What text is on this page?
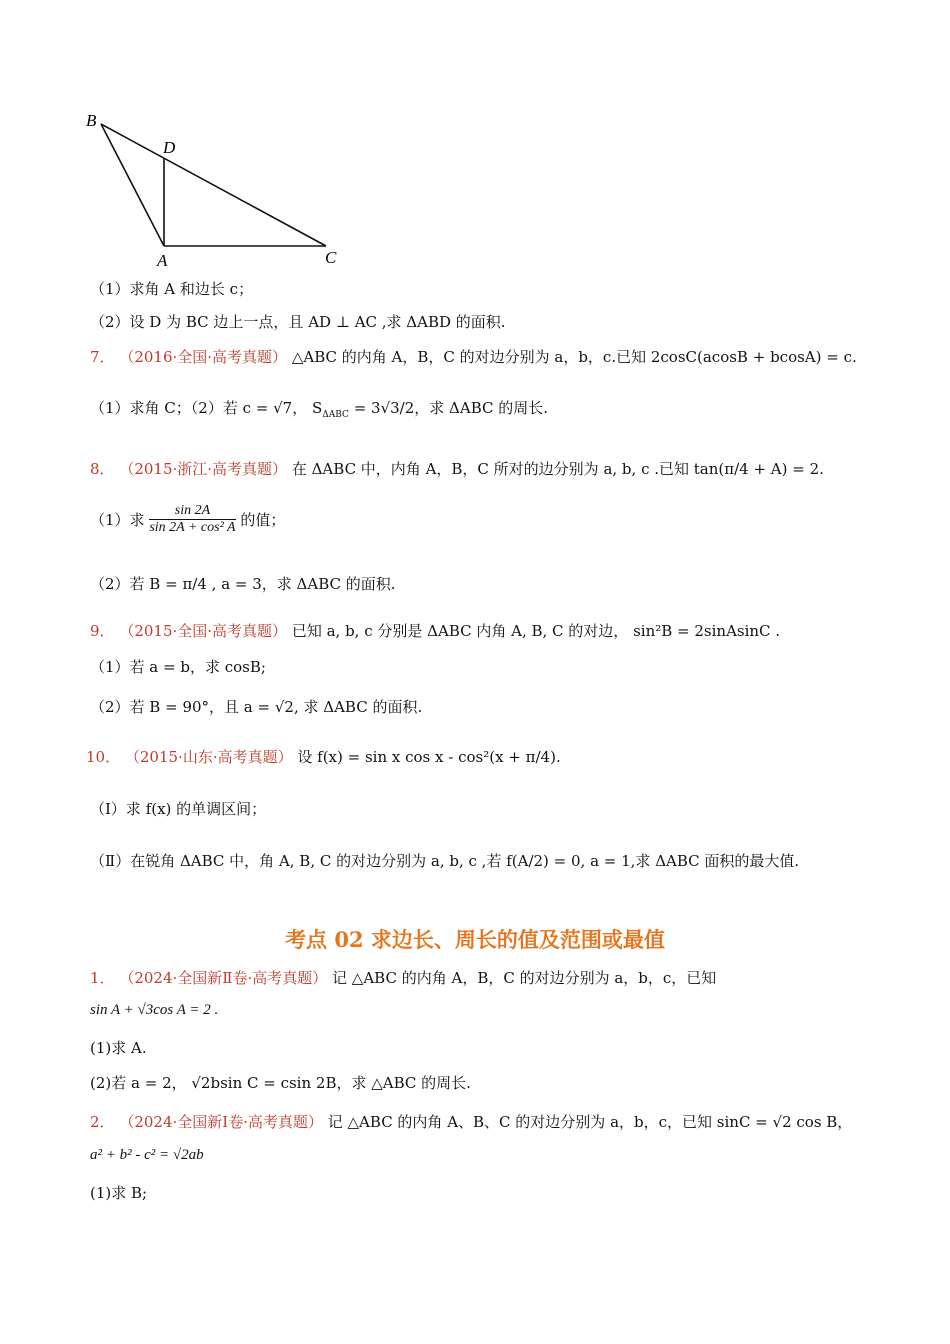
B
D
A	C
（1）求角 A 和边长 c；
（2）设 D 为 BC 边上一点，且 AD ⊥ AC ,求 ΔABD 的面积.
7． （2016·全国·高考真题） △ABC 的内角 A，B，C 的对边分别为 a，b，c.已知 2cosC(acosB + bcosA) = c.
（1）求角 C；（2）若 c = √7， $S_{\Delta ABC} = 3√3/2$，求 ΔABC 的周长.
8． （2015·浙江·高考真题） 在 ΔABC 中，内角 A，B，C 所对的边分别为 a, b, c .已知 tan(π/4 + A) = 2.
（1）求 $\frac{\sin 2A}{\text{sin 2A + cos² A}}$ 的值；
（2）若 B = π/4 , a = 3，求 ΔABC 的面积.
9． （2015·全国·高考真题） 已知 a, b, c 分别是 ΔABC 内角 A, B, C 的对边， sin²B = 2sinAsinC .
（1）若 a = b，求 cosB;
（2）若 B = 90°，且 a = √2, 求 ΔABC 的面积.
10． （2015·山东·高考真题） 设 f(x) = sin x cos x - cos²(x + π/4).
（Ⅰ）求 f(x) 的单调区间；
（Ⅱ）在锐角 ΔABC 中，角 A, B, C 的对边分别为 a, b, c ,若 f(A/2) = 0, a = 1,求 ΔABC 面积的最大值.
考点 02 求边长、周长的值及范围或最值
1． （2024·全国新Ⅱ卷·高考真题） 记 △ABC 的内角 A，B，C 的对边分别为 a，b，c，已知
sin A + √3cos A = 2 .
(1)求 A.
(2)若 a = 2， √2bsin C = csin 2B，求 △ABC 的周长.
2． （2024·全国新Ⅰ卷·高考真题） 记 △ABC 的内角 A、B、C 的对边分别为 a，b，c，已知 sinC = √2 cos B，
a² + b² - c² = √2ab
(1)求 B;
